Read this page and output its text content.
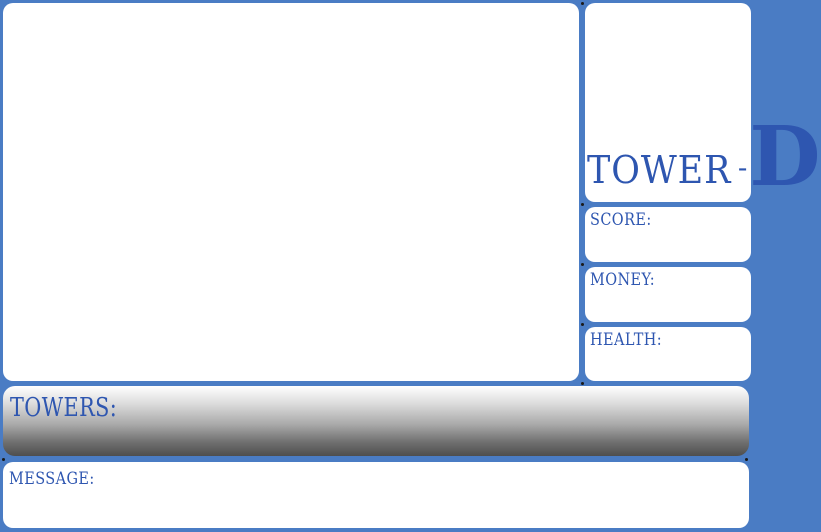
TOWER -D
SCORE:
MONEY:
HEALTH:
TOWERS:
MESSAGE:
